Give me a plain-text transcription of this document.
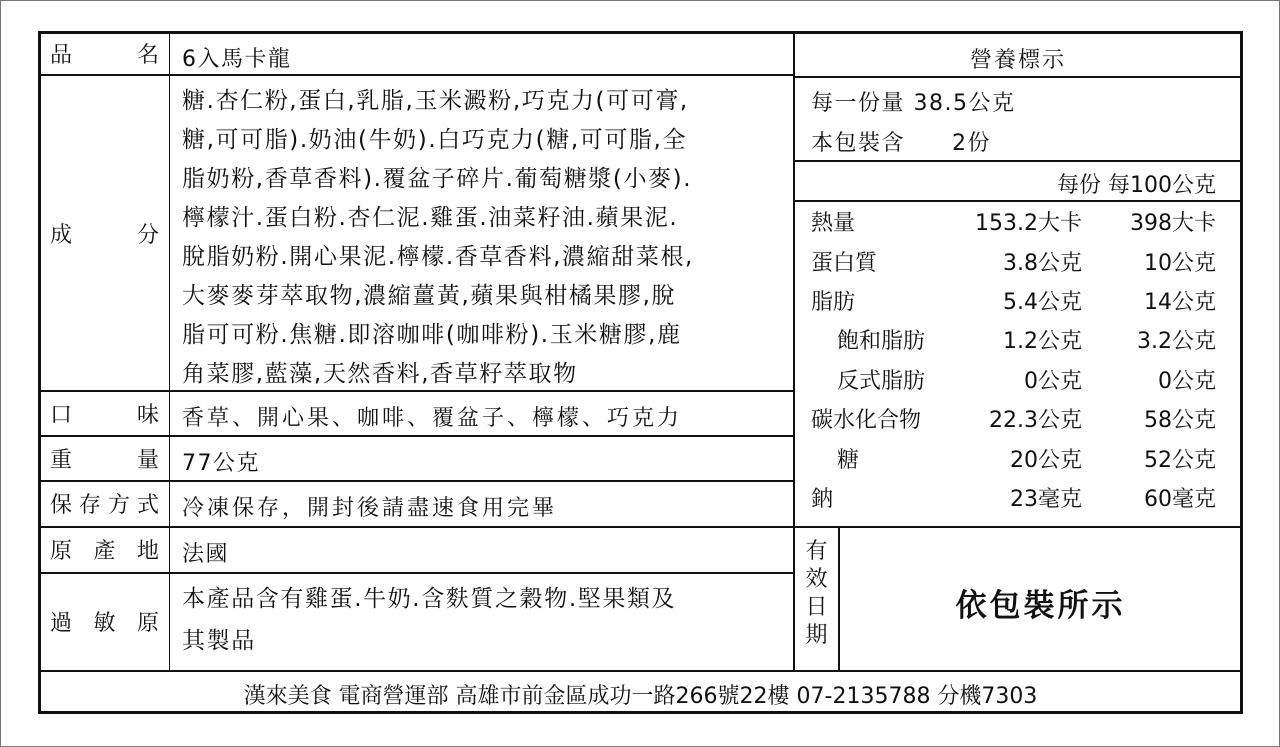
品	名 6入馬卡龍
成	分
糖.杏仁粉,蛋白,乳脂,玉米澱粉,巧克力(可可膏,
糖,可可脂).奶油(牛奶).白巧克力(糖,可可脂,全
脂奶粉,香草香料).覆盆子碎片.葡萄糖漿(小麥).
檸檬汁.蛋白粉.杏仁泥.雞蛋.油菜籽油.蘋果泥.
脫脂奶粉.開心果泥.檸檬.香草香料,濃縮甜菜根,
大麥麥芽萃取物,濃縮薑黃,蘋果與柑橘果膠,脫
脂可可粉.焦糖.即溶咖啡(咖啡粉).玉米糖膠,鹿
角菜膠,藍藻,天然香料,香草籽萃取物
口	味 香草、開心果、咖啡、覆盆子、檸檬、巧克力
重	量 77公克
保 存 方 式 冷凍保存，開封後請盡速食用完畢
原 產 地 法國
過 敏 原
本產品含有雞蛋.牛奶.含麩質之穀物.堅果類及
其製品
營養標示
每一份量 38.5公克
本包裝含　　2份
每份 每100公克
熱量	153.2大卡 398大卡
蛋白質	3.8公克	10公克
脂肪	5.4公克	14公克
飽和脂肪	1.2公克	3.2公克
反式脂肪	0公克	0公克
碳水化合物	22.3公克	58公克
糖	20公克	52公克
鈉	23毫克	60毫克
有
效
日
期
依包裝所示
漢來美食 電商營運部 高雄市前金區成功一路266號22樓 07-2135788 分機7303
